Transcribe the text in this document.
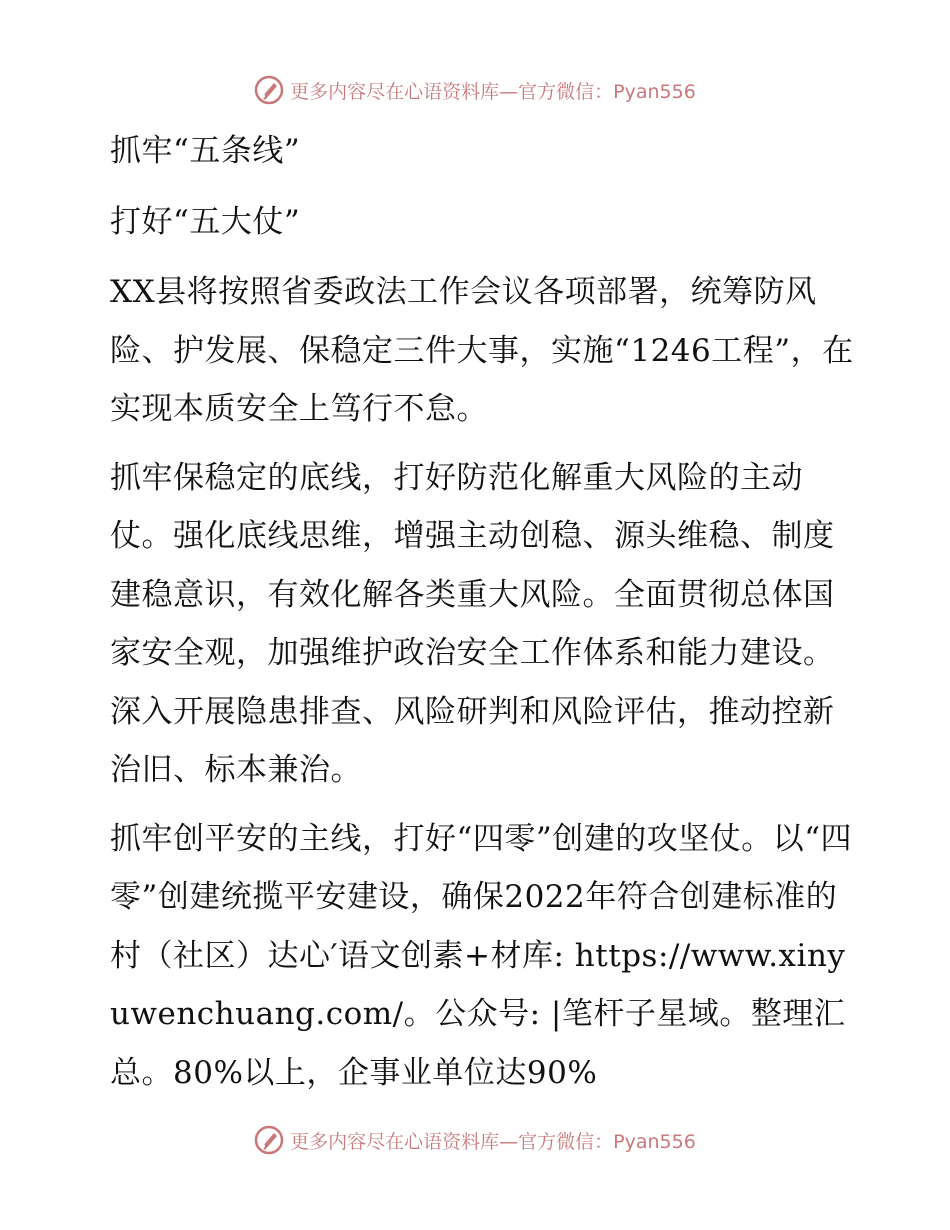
更多内容尽在心语资料库—官方微信：Pyan556

抓牢“五条线”

打好“五大仗”

XX县将按照省委政法工作会议各项部署，统筹防风险、护发展、保稳定三件大事，实施“1246工程”，在实现本质安全上笃行不怠。

抓牢保稳定的底线，打好防范化解重大风险的主动仗。强化底线思维，增强主动创稳、源头维稳、制度建稳意识，有效化解各类重大风险。全面贯彻总体国家安全观，加强维护政治安全工作体系和能力建设。深入开展隐患排查、风险研判和风险评估，推动控新治旧、标本兼治。

抓牢创平安的主线，打好“四零”创建的攻坚仗。以“四零”创建统揽平安建设，确保2022年符合创建标准的村（社区）达心′语文创素+材库: https://www.xinyuwenchuang.com/。公众号: |笔杆子星域。整理汇总。80%以上，企事业单位达90%

更多内容尽在心语资料库—官方微信：Pyan556
